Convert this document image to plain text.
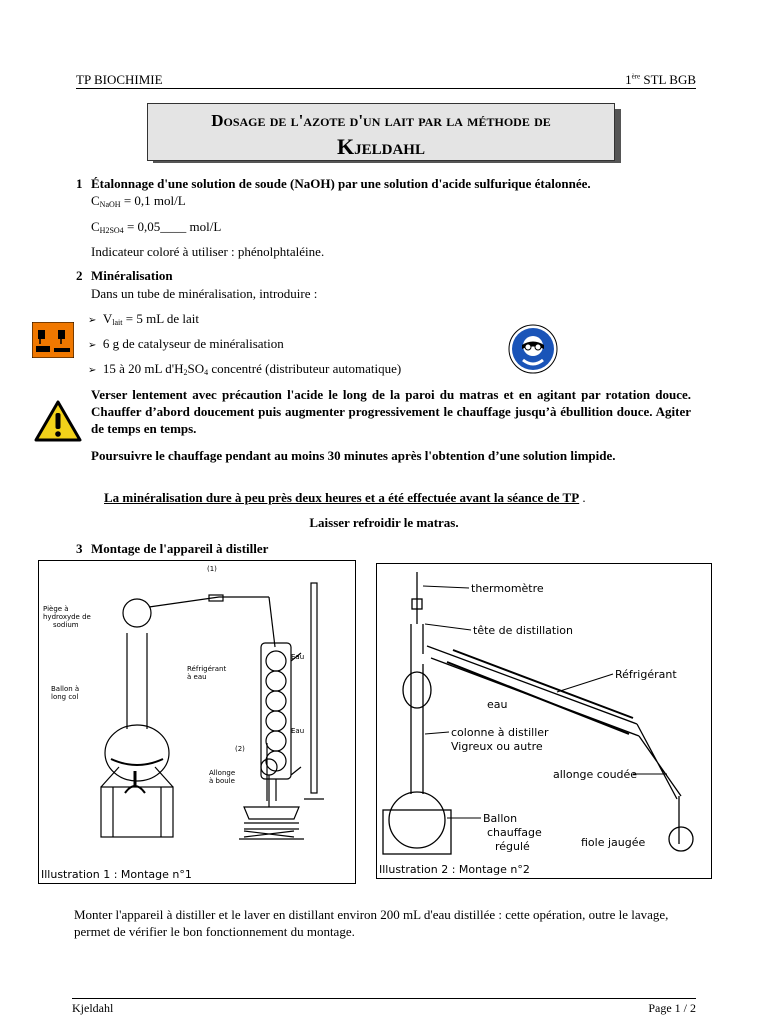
TP BIOCHIMIE	1ère STL BGB
Dosage de l'azote d'un lait par la méthode de
Kjeldahl
1 Étalonnage d'une solution de soude (NaOH) par une solution d'acide sulfurique étalonnée.
$C_{NaOH} = 0,1$ mol/L
$C_{H2SO4}$ = 0,05____ mol/L
Indicateur coloré à utiliser : phénolphtaléine.
2 Minéralisation
Dans un tube de minéralisation, introduire :
➢ $V_{lait} = 5$ mL de lait
➢ 6 g de catalyseur de minéralisation
➢ 15 à 20 mL $d'H_2SO_4$ concentré (distributeur automatique)
Verser lentement avec précaution l'acide le long de la paroi du matras et en agitant par rotation douce. Chauffer d’abord doucement puis augmenter progressivement le chauffage jusqu’à ébullition douce. Agiter de temps en temps.
Poursuivre le chauffage pendant au moins 30 minutes après l'obtention d’une solution limpide.
La minéralisation dure à peu près deux heures et a été effectuée avant la séance de TP .
Laisser refroidir le matras.
3 Montage de l'appareil à distiller
(1)
Piège à
hydroxyde de
sodium
Ballon à
long col
Réfrigérant
à eau
Eau
Eau
(2)
Allonge
à boule
Illustration 1 : Montage n°1
thermomètre
tête de distillation
Réfrigérant
eau
colonne à distiller
Vigreux ou autre
allonge coudée
Ballon
chauffage
régulé	fiole jaugée
Illustration 2 : Montage n°2
Monter l'appareil à distiller et le laver en distillant environ 200 mL d'eau distillée : cette opération, outre le lavage, permet de vérifier le bon fonctionnement du montage.
Kjeldahl	Page 1 / 2
